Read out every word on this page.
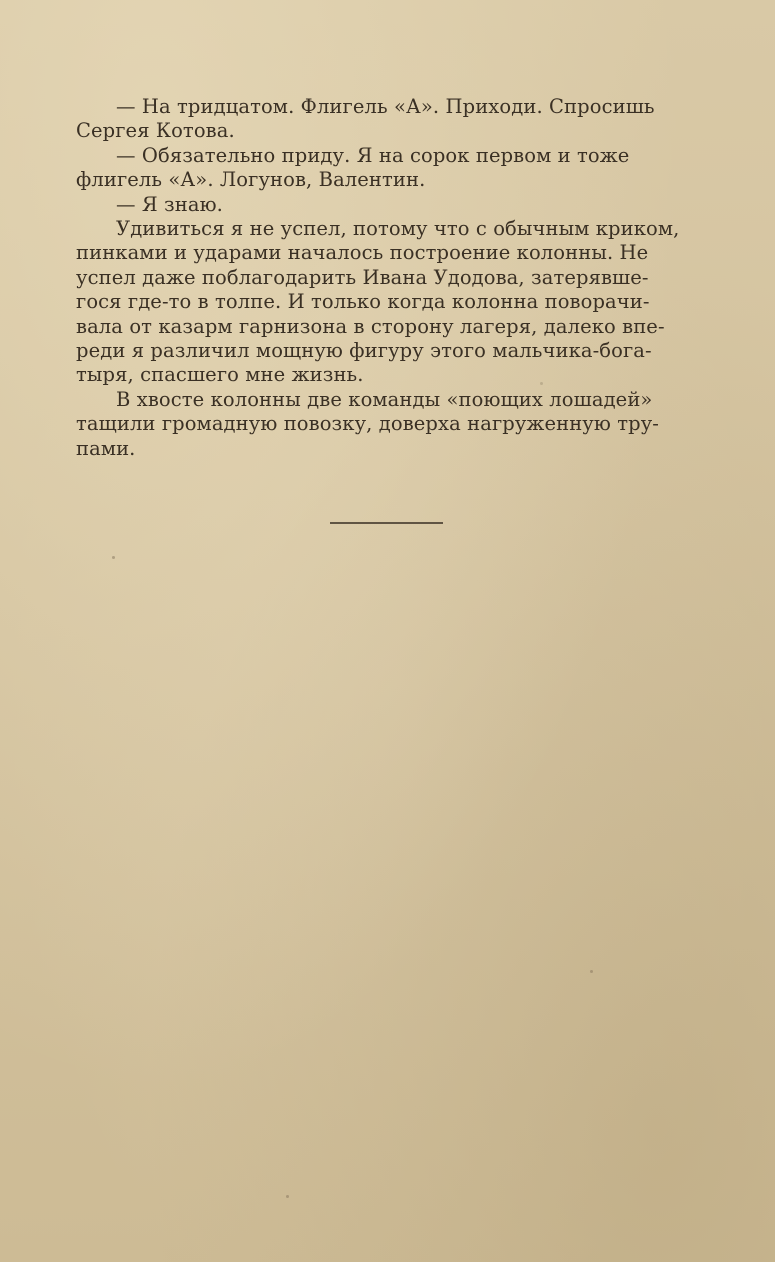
— На тридцатом. Флигель «А». Приходи. Спросишь
Сергея Котова.

— Обязательно приду. Я на сорок первом и тоже
флигель «А». Логунов, Валентин.

— Я знаю.

Удивиться я не успел, потому что с обычным криком,
пинками и ударами началось построение колонны. Не
успел даже поблагодарить Ивана Удодова, затерявше-
гося где-то в толпе. И только когда колонна поворачи-
вала от казарм гарнизона в сторону лагеря, далеко впе-
реди я различил мощную фигуру этого мальчика-бога-
тыря, спасшего мне жизнь.

В хвосте колонны две команды «поющих лошадей»
тащили громадную повозку, доверха нагруженную тру-
пами.
